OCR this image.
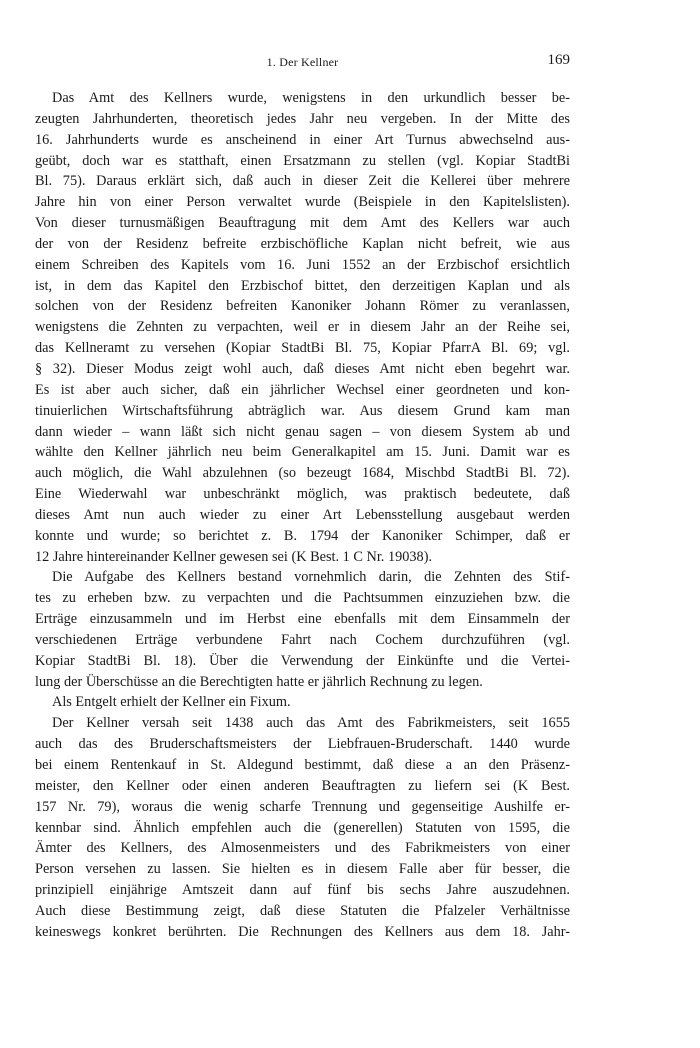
1. Der Kellner	169
Das Amt des Kellners wurde, wenigstens in den urkundlich besser be-
zeugten Jahrhunderten, theoretisch jedes Jahr neu vergeben. In der Mitte des
16. Jahrhunderts wurde es anscheinend in einer Art Turnus abwechselnd aus-
geübt, doch war es statthaft, einen Ersatzmann zu stellen (vgl. Kopiar StadtBi
Bl. 75). Daraus erklärt sich, daß auch in dieser Zeit die Kellerei über mehrere
Jahre hin von einer Person verwaltet wurde (Beispiele in den Kapitelslisten).
Von dieser turnusmäßigen Beauftragung mit dem Amt des Kellers war auch
der von der Residenz befreite erzbischöfliche Kaplan nicht befreit, wie aus
einem Schreiben des Kapitels vom 16. Juni 1552 an der Erzbischof ersichtlich
ist, in dem das Kapitel den Erzbischof bittet, den derzeitigen Kaplan und als
solchen von der Residenz befreiten Kanoniker Johann Römer zu veranlassen,
wenigstens die Zehnten zu verpachten, weil er in diesem Jahr an der Reihe sei,
das Kellneramt zu versehen (Kopiar StadtBi Bl. 75, Kopiar PfarrA Bl. 69; vgl.
§ 32). Dieser Modus zeigt wohl auch, daß dieses Amt nicht eben begehrt war.
Es ist aber auch sicher, daß ein jährlicher Wechsel einer geordneten und kon-
tinuierlichen Wirtschaftsführung abträglich war. Aus diesem Grund kam man
dann wieder – wann läßt sich nicht genau sagen – von diesem System ab und
wählte den Kellner jährlich neu beim Generalkapitel am 15. Juni. Damit war es
auch möglich, die Wahl abzulehnen (so bezeugt 1684, Mischbd StadtBi Bl. 72).
Eine Wiederwahl war unbeschränkt möglich, was praktisch bedeutete, daß
dieses Amt nun auch wieder zu einer Art Lebensstellung ausgebaut werden
konnte und wurde; so berichtet z. B. 1794 der Kanoniker Schimper, daß er
12 Jahre hintereinander Kellner gewesen sei (K Best. 1 C Nr. 19038).
Die Aufgabe des Kellners bestand vornehmlich darin, die Zehnten des Stif-
tes zu erheben bzw. zu verpachten und die Pachtsummen einzuziehen bzw. die
Erträge einzusammeln und im Herbst eine ebenfalls mit dem Einsammeln der
verschiedenen Erträge verbundene Fahrt nach Cochem durchzuführen (vgl.
Kopiar StadtBi Bl. 18). Über die Verwendung der Einkünfte und die Vertei-
lung der Überschüsse an die Berechtigten hatte er jährlich Rechnung zu legen.
Als Entgelt erhielt der Kellner ein Fixum.
Der Kellner versah seit 1438 auch das Amt des Fabrikmeisters, seit 1655
auch das des Bruderschaftsmeisters der Liebfrauen-Bruderschaft. 1440 wurde
bei einem Rentenkauf in St. Aldegund bestimmt, daß diese a an den Präsenz-
meister, den Kellner oder einen anderen Beauftragten zu liefern sei (K Best.
157 Nr. 79), woraus die wenig scharfe Trennung und gegenseitige Aushilfe er-
kennbar sind. Ähnlich empfehlen auch die (generellen) Statuten von 1595, die
Ämter des Kellners, des Almosenmeisters und des Fabrikmeisters von einer
Person versehen zu lassen. Sie hielten es in diesem Falle aber für besser, die
prinzipiell einjährige Amtszeit dann auf fünf bis sechs Jahre auszudehnen.
Auch diese Bestimmung zeigt, daß diese Statuten die Pfalzeler Verhältnisse
keineswegs konkret berührten. Die Rechnungen des Kellners aus dem 18. Jahr-
